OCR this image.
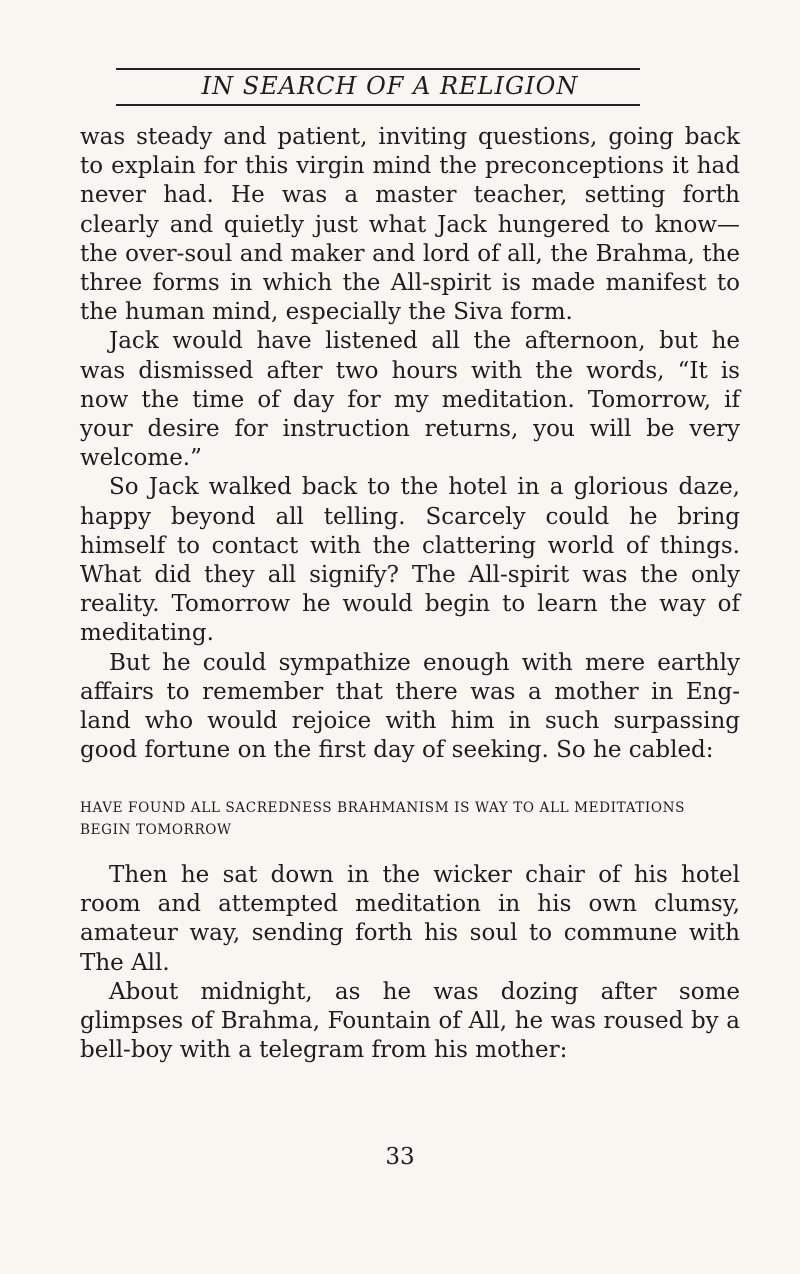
IN SEARCH OF A RELIGION

was steady and patient, inviting questions, going back to explain for this virgin mind the preconceptions it had never had. He was a master teacher, setting forth clearly and quietly just what Jack hungered to know—the over-soul and maker and lord of all, the Brahma, the three forms in which the All-spirit is made manifest to the human mind, especially the Siva form.

Jack would have listened all the afternoon, but he was dismissed after two hours with the words, “It is now the time of day for my meditation. Tomorrow, if your desire for instruction returns, you will be very welcome.”

So Jack walked back to the hotel in a glorious daze, happy beyond all telling. Scarcely could he bring himself to contact with the clattering world of things. What did they all signify? The All-spirit was the only reality. Tomorrow he would begin to learn the way of meditating.

But he could sympathize enough with mere earthly affairs to remember that there was a mother in Eng- land who would rejoice with him in such surpassing good fortune on the first day of seeking. So he cabled:

HAVE FOUND ALL SACREDNESS BRAHMANISM IS WAY TO ALL MEDITATIONS BEGIN TOMORROW

Then he sat down in the wicker chair of his hotel room and attempted meditation in his own clumsy, amateur way, sending forth his soul to commune with The All.

About midnight, as he was dozing after some glimpses of Brahma, Fountain of All, he was roused by a bell-boy with a telegram from his mother:

33
